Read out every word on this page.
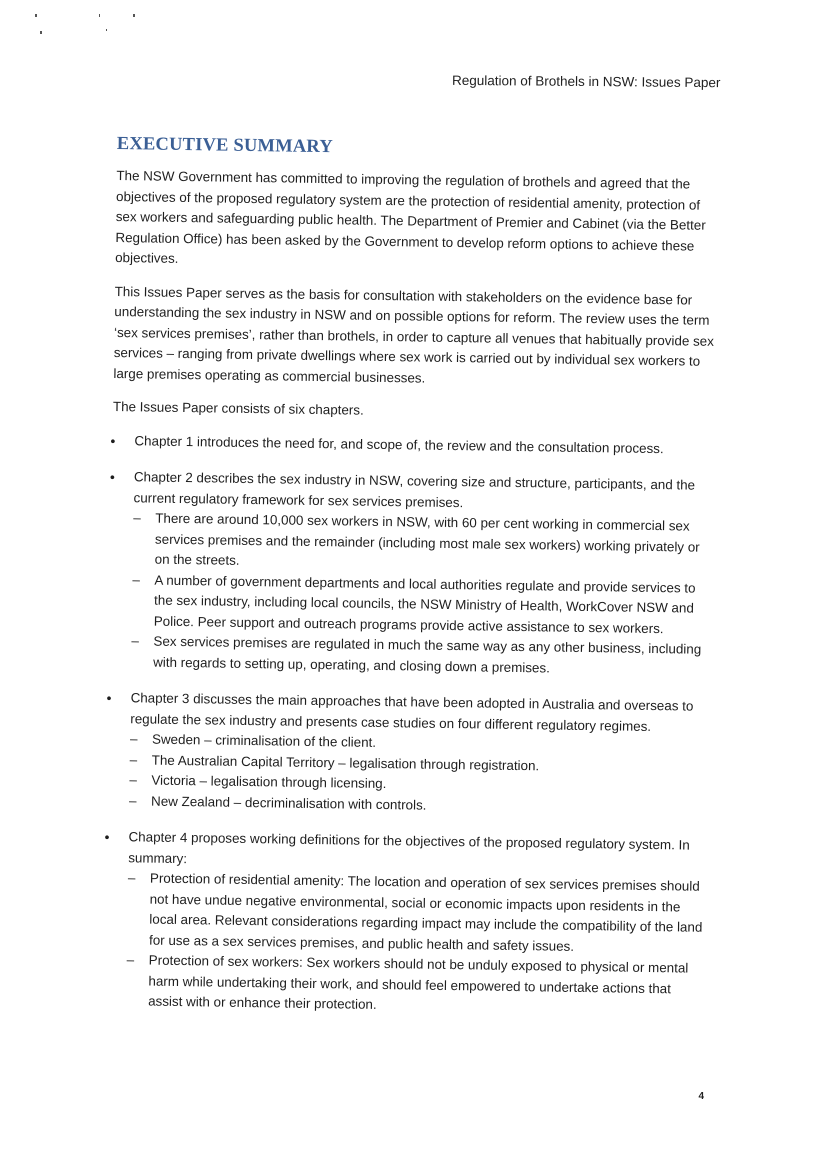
Regulation of Brothels in NSW: Issues Paper
EXECUTIVE SUMMARY

The NSW Government has committed to improving the regulation of brothels and agreed that the objectives of the proposed regulatory system are the protection of residential amenity, protection of sex workers and safeguarding public health. The Department of Premier and Cabinet (via the Better Regulation Office) has been asked by the Government to develop reform options to achieve these objectives.

This Issues Paper serves as the basis for consultation with stakeholders on the evidence base for understanding the sex industry in NSW and on possible options for reform. The review uses the term ‘sex services premises’, rather than brothels, in order to capture all venues that habitually provide sex services – ranging from private dwellings where sex work is carried out by individual sex workers to large premises operating as commercial businesses.

The Issues Paper consists of six chapters.

• Chapter 1 introduces the need for, and scope of, the review and the consultation process.
• Chapter 2 describes the sex industry in NSW, covering size and structure, participants, and the current regulatory framework for sex services premises.
– There are around 10,000 sex workers in NSW, with 60 per cent working in commercial sex services premises and the remainder (including most male sex workers) working privately or on the streets.
– A number of government departments and local authorities regulate and provide services to the sex industry, including local councils, the NSW Ministry of Health, WorkCover NSW and Police. Peer support and outreach programs provide active assistance to sex workers.
– Sex services premises are regulated in much the same way as any other business, including with regards to setting up, operating, and closing down a premises.
• Chapter 3 discusses the main approaches that have been adopted in Australia and overseas to regulate the sex industry and presents case studies on four different regulatory regimes.
– Sweden – criminalisation of the client.
– The Australian Capital Territory – legalisation through registration.
– Victoria – legalisation through licensing.
– New Zealand – decriminalisation with controls.
• Chapter 4 proposes working definitions for the objectives of the proposed regulatory system. In summary:
– Protection of residential amenity: The location and operation of sex services premises should not have undue negative environmental, social or economic impacts upon residents in the local area. Relevant considerations regarding impact may include the compatibility of the land for use as a sex services premises, and public health and safety issues.
– Protection of sex workers: Sex workers should not be unduly exposed to physical or mental harm while undertaking their work, and should feel empowered to undertake actions that assist with or enhance their protection.
4
